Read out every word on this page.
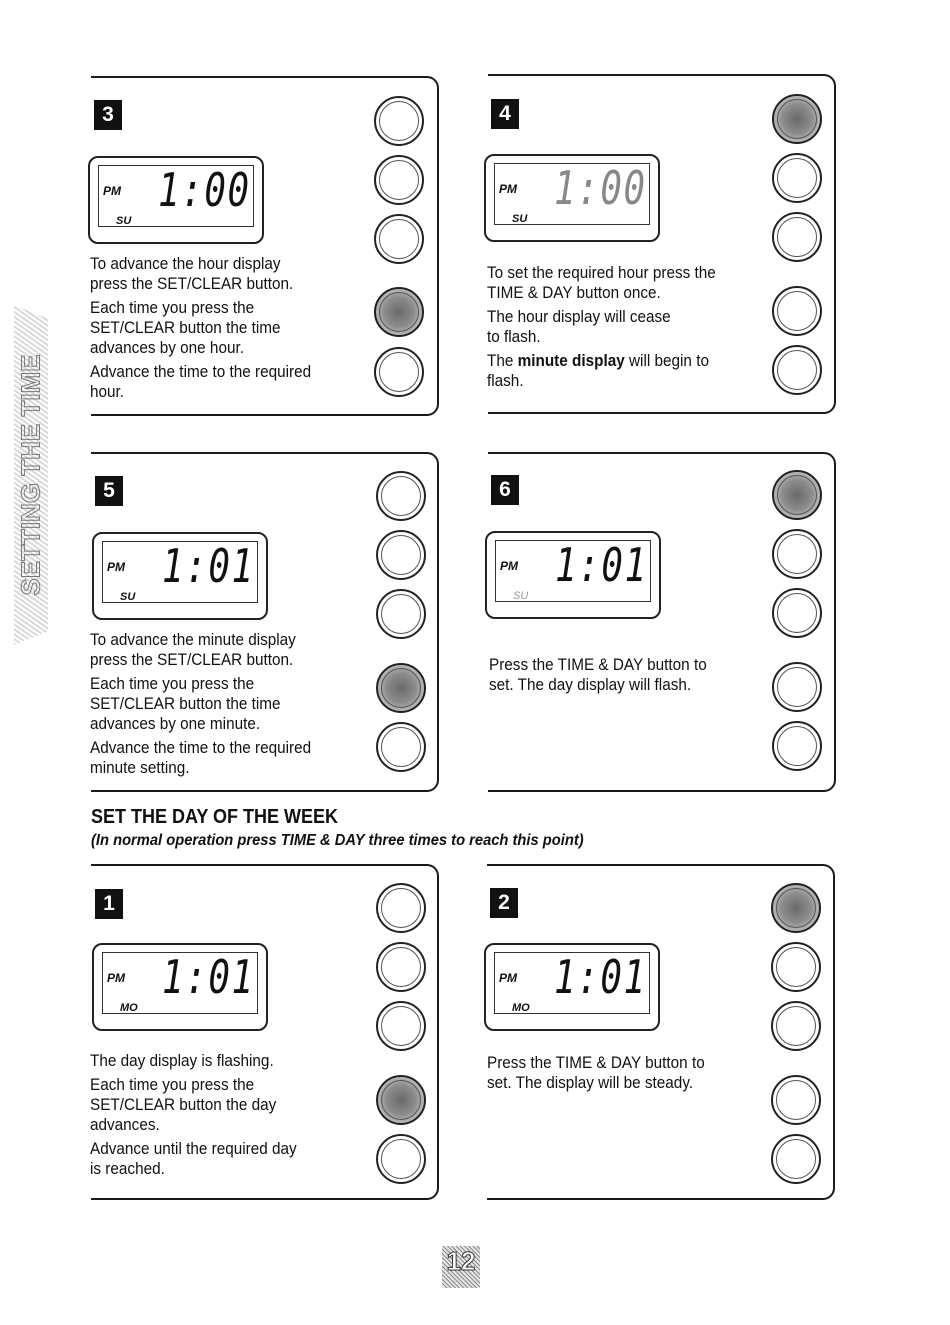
SETTING THE TIME
3
PM
SU
1:00

To advance the hour display
press the SET/CLEAR button.

Each time you press the
SET/CLEAR button the time
advances by one hour.

Advance the time to the required
hour.

4
PM
SU
1:00

To set the required hour press the
TIME & DAY button once.

The hour display will cease
to flash.

The minute display will begin to
flash.

5
PM
SU
1:01

To advance the minute display
press the SET/CLEAR button.

Each time you press the
SET/CLEAR button the time
advances by one minute.

Advance the time to the required
minute setting.

6
PM
SU
1:01

Press the TIME & DAY button to
set. The day display will flash.

SET THE DAY OF THE WEEK
(In normal operation press TIME & DAY three times to reach this point)
1
PM
MO
1:01

The day display is flashing.

Each time you press the
SET/CLEAR button the day
advances.

Advance until the required day
is reached.

2
PM
MO
1:01

Press the TIME & DAY button to
set. The display will be steady.

12
